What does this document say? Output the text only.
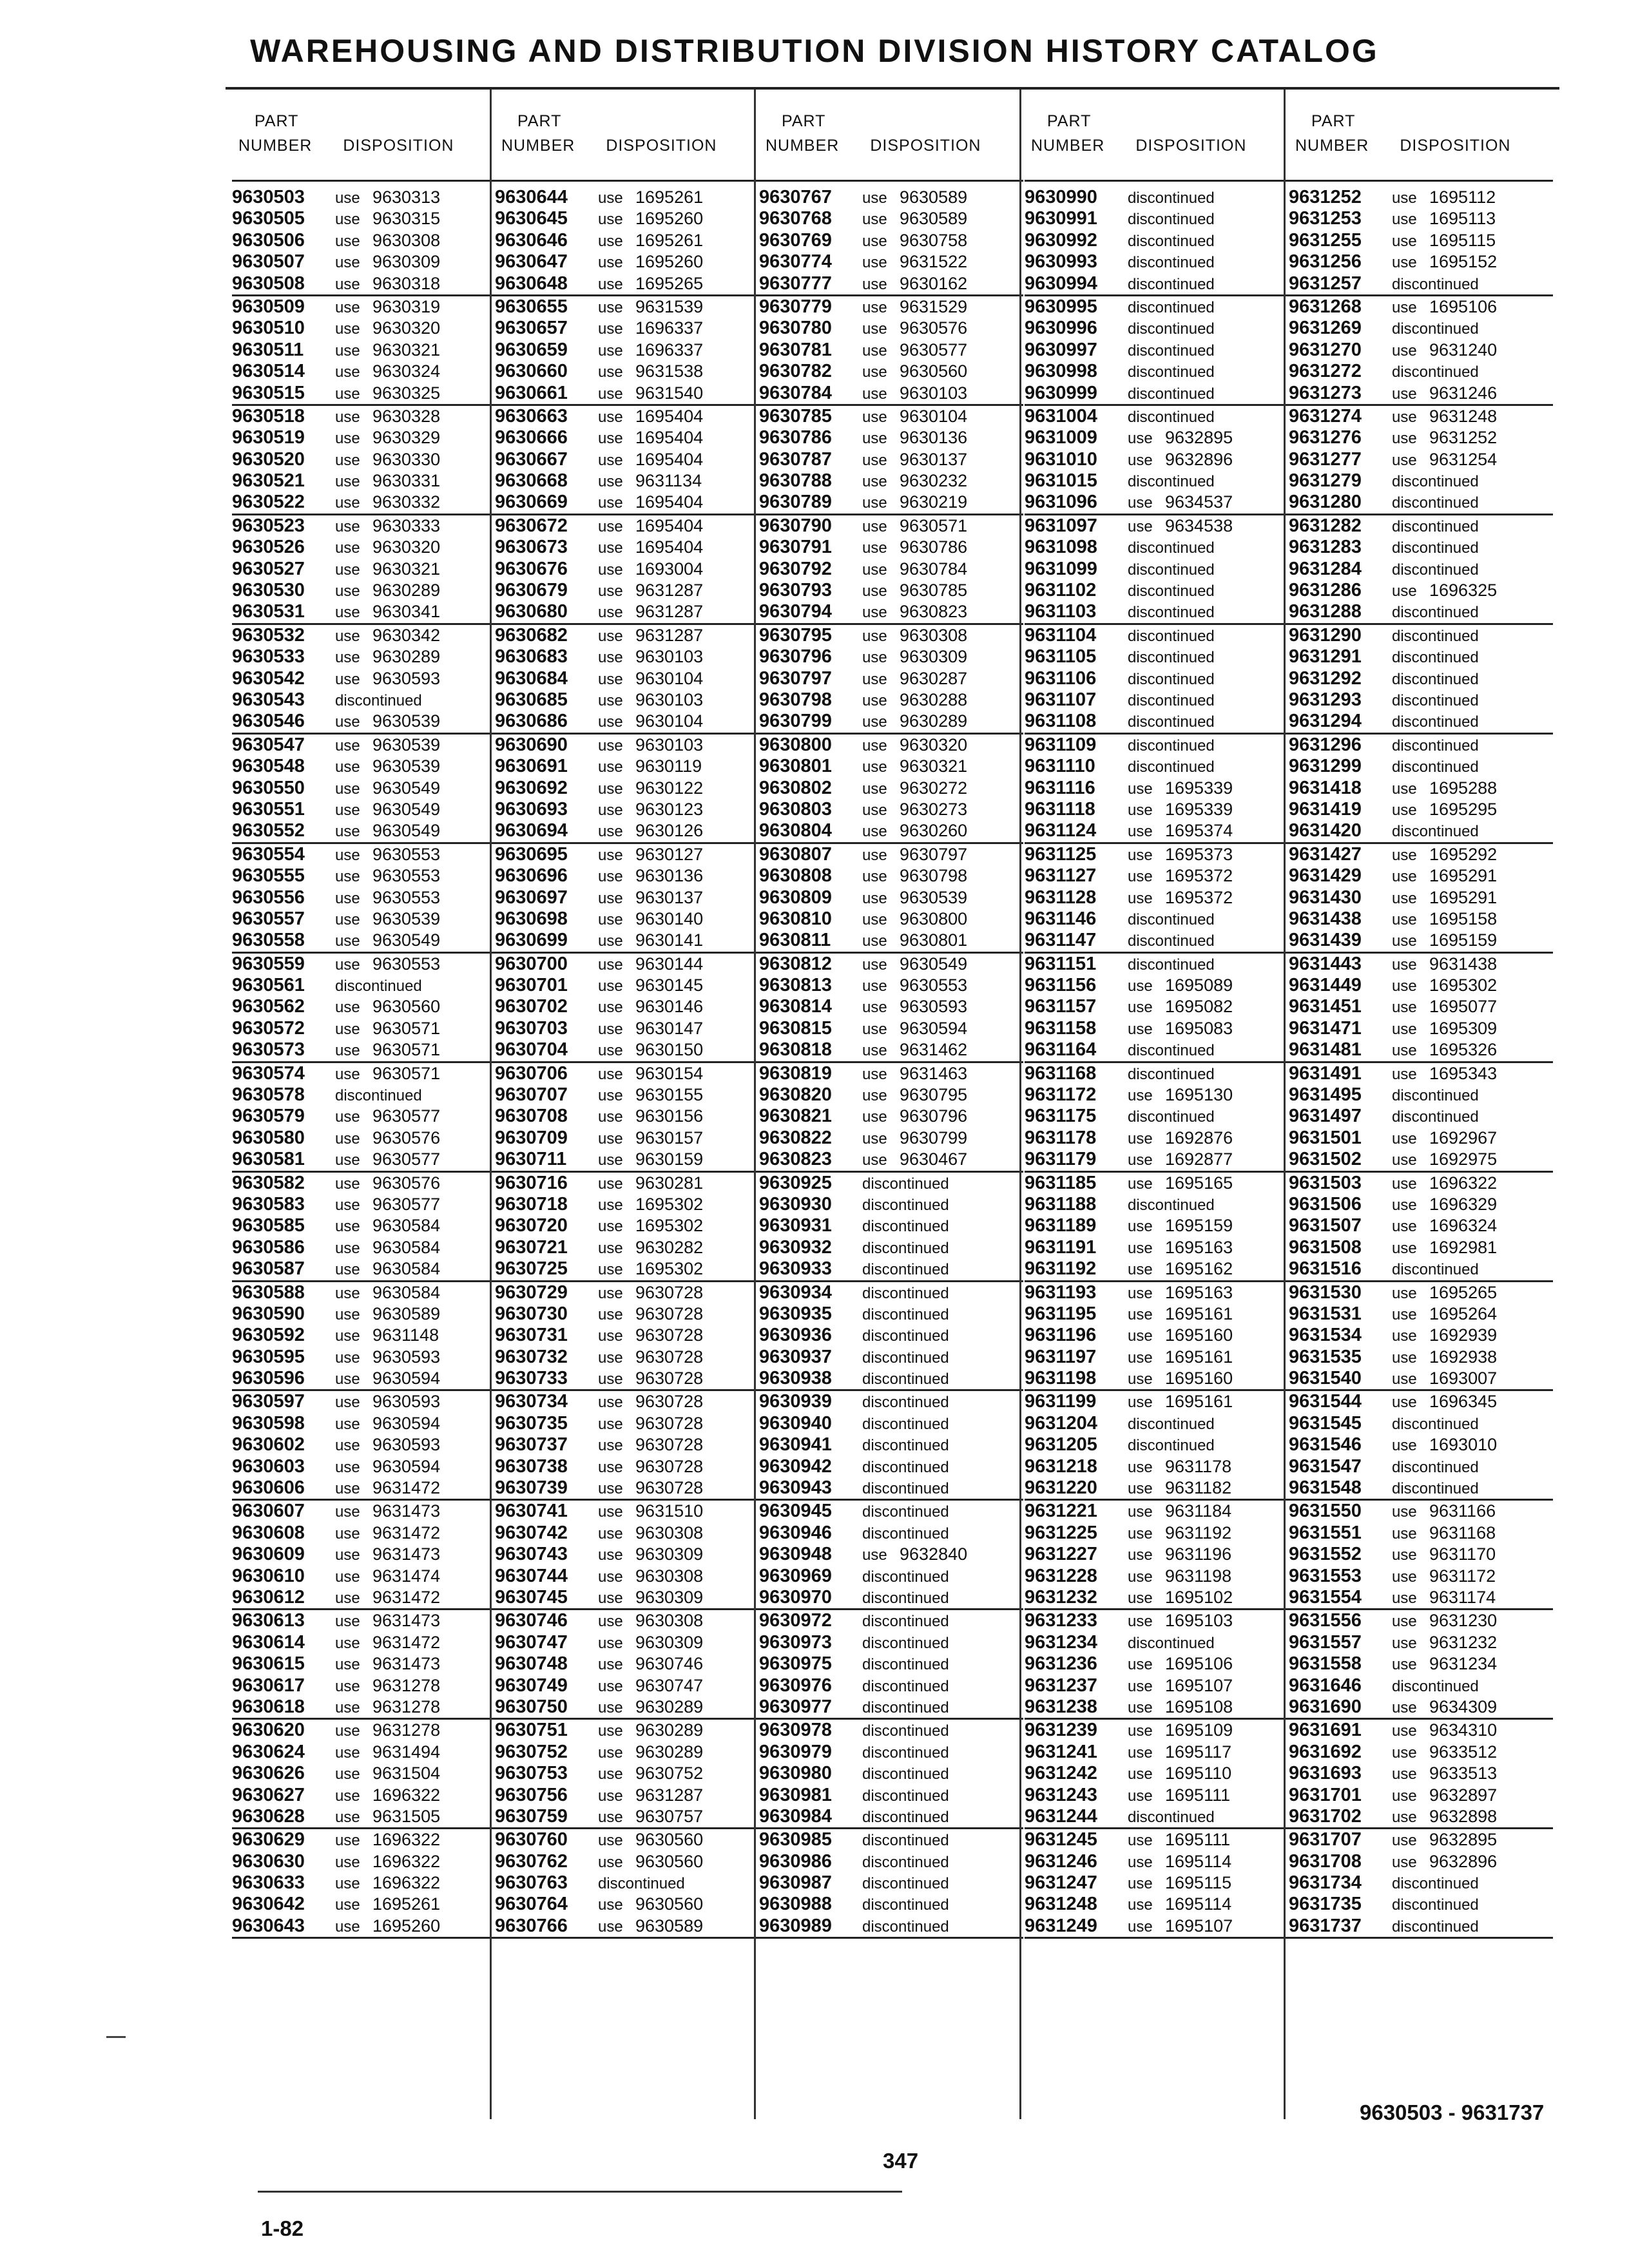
WAREHOUSING AND DISTRIBUTION DIVISION HISTORY CATALOG
PART
NUMBER DISPOSITION
9630503 use 9630313
9630505 use 9630315
9630506 use 9630308
9630507 use 9630309
9630508 use 9630318
9630509 use 9630319
9630510 use 9630320
9630511 use 9630321
9630514 use 9630324
9630515 use 9630325
9630518 use 9630328
9630519 use 9630329
9630520 use 9630330
9630521 use 9630331
9630522 use 9630332
9630523 use 9630333
9630526 use 9630320
9630527 use 9630321
9630530 use 9630289
9630531 use 9630341
9630532 use 9630342
9630533 use 9630289
9630542 use 9630593
9630543 discontinued
9630546 use 9630539
9630547 use 9630539
9630548 use 9630539
9630550 use 9630549
9630551 use 9630549
9630552 use 9630549
9630554 use 9630553
9630555 use 9630553
9630556 use 9630553
9630557 use 9630539
9630558 use 9630549
9630559 use 9630553
9630561 discontinued
9630562 use 9630560
9630572 use 9630571
9630573 use 9630571
9630574 use 9630571
9630578 discontinued
9630579 use 9630577
9630580 use 9630576
9630581 use 9630577
9630582 use 9630576
9630583 use 9630577
9630585 use 9630584
9630586 use 9630584
9630587 use 9630584
9630588 use 9630584
9630590 use 9630589
9630592 use 9631148
9630595 use 9630593
9630596 use 9630594
9630597 use 9630593
9630598 use 9630594
9630602 use 9630593
9630603 use 9630594
9630606 use 9631472
9630607 use 9631473
9630608 use 9631472
9630609 use 9631473
9630610 use 9631474
9630612 use 9631472
9630613 use 9631473
9630614 use 9631472
9630615 use 9631473
9630617 use 9631278
9630618 use 9631278
9630620 use 9631278
9630624 use 9631494
9630626 use 9631504
9630627 use 1696322
9630628 use 9631505
9630629 use 1696322
9630630 use 1696322
9630633 use 1696322
9630642 use 1695261
9630643 use 1695260
PART
NUMBER DISPOSITION
9630644 use 1695261
9630645 use 1695260
9630646 use 1695261
9630647 use 1695260
9630648 use 1695265
9630655 use 9631539
9630657 use 1696337
9630659 use 1696337
9630660 use 9631538
9630661 use 9631540
9630663 use 1695404
9630666 use 1695404
9630667 use 1695404
9630668 use 9631134
9630669 use 1695404
9630672 use 1695404
9630673 use 1695404
9630676 use 1693004
9630679 use 9631287
9630680 use 9631287
9630682 use 9631287
9630683 use 9630103
9630684 use 9630104
9630685 use 9630103
9630686 use 9630104
9630690 use 9630103
9630691 use 9630119
9630692 use 9630122
9630693 use 9630123
9630694 use 9630126
9630695 use 9630127
9630696 use 9630136
9630697 use 9630137
9630698 use 9630140
9630699 use 9630141
9630700 use 9630144
9630701 use 9630145
9630702 use 9630146
9630703 use 9630147
9630704 use 9630150
9630706 use 9630154
9630707 use 9630155
9630708 use 9630156
9630709 use 9630157
9630711 use 9630159
9630716 use 9630281
9630718 use 1695302
9630720 use 1695302
9630721 use 9630282
9630725 use 1695302
9630729 use 9630728
9630730 use 9630728
9630731 use 9630728
9630732 use 9630728
9630733 use 9630728
9630734 use 9630728
9630735 use 9630728
9630737 use 9630728
9630738 use 9630728
9630739 use 9630728
9630741 use 9631510
9630742 use 9630308
9630743 use 9630309
9630744 use 9630308
9630745 use 9630309
9630746 use 9630308
9630747 use 9630309
9630748 use 9630746
9630749 use 9630747
9630750 use 9630289
9630751 use 9630289
9630752 use 9630289
9630753 use 9630752
9630756 use 9631287
9630759 use 9630757
9630760 use 9630560
9630762 use 9630560
9630763 discontinued
9630764 use 9630560
9630766 use 9630589
PART
NUMBER DISPOSITION
9630767 use 9630589
9630768 use 9630589
9630769 use 9630758
9630774 use 9631522
9630777 use 9630162
9630779 use 9631529
9630780 use 9630576
9630781 use 9630577
9630782 use 9630560
9630784 use 9630103
9630785 use 9630104
9630786 use 9630136
9630787 use 9630137
9630788 use 9630232
9630789 use 9630219
9630790 use 9630571
9630791 use 9630786
9630792 use 9630784
9630793 use 9630785
9630794 use 9630823
9630795 use 9630308
9630796 use 9630309
9630797 use 9630287
9630798 use 9630288
9630799 use 9630289
9630800 use 9630320
9630801 use 9630321
9630802 use 9630272
9630803 use 9630273
9630804 use 9630260
9630807 use 9630797
9630808 use 9630798
9630809 use 9630539
9630810 use 9630800
9630811 use 9630801
9630812 use 9630549
9630813 use 9630553
9630814 use 9630593
9630815 use 9630594
9630818 use 9631462
9630819 use 9631463
9630820 use 9630795
9630821 use 9630796
9630822 use 9630799
9630823 use 9630467
9630925 discontinued
9630930 discontinued
9630931 discontinued
9630932 discontinued
9630933 discontinued
9630934 discontinued
9630935 discontinued
9630936 discontinued
9630937 discontinued
9630938 discontinued
9630939 discontinued
9630940 discontinued
9630941 discontinued
9630942 discontinued
9630943 discontinued
9630945 discontinued
9630946 discontinued
9630948 use 9632840
9630969 discontinued
9630970 discontinued
9630972 discontinued
9630973 discontinued
9630975 discontinued
9630976 discontinued
9630977 discontinued
9630978 discontinued
9630979 discontinued
9630980 discontinued
9630981 discontinued
9630984 discontinued
9630985 discontinued
9630986 discontinued
9630987 discontinued
9630988 discontinued
9630989 discontinued
PART
NUMBER DISPOSITION
9630990 discontinued
9630991 discontinued
9630992 discontinued
9630993 discontinued
9630994 discontinued
9630995 discontinued
9630996 discontinued
9630997 discontinued
9630998 discontinued
9630999 discontinued
9631004 discontinued
9631009 use 9632895
9631010 use 9632896
9631015 discontinued
9631096 use 9634537
9631097 use 9634538
9631098 discontinued
9631099 discontinued
9631102 discontinued
9631103 discontinued
9631104 discontinued
9631105 discontinued
9631106 discontinued
9631107 discontinued
9631108 discontinued
9631109 discontinued
9631110 discontinued
9631116 use 1695339
9631118 use 1695339
9631124 use 1695374
9631125 use 1695373
9631127 use 1695372
9631128 use 1695372
9631146 discontinued
9631147 discontinued
9631151 discontinued
9631156 use 1695089
9631157 use 1695082
9631158 use 1695083
9631164 discontinued
9631168 discontinued
9631172 use 1695130
9631175 discontinued
9631178 use 1692876
9631179 use 1692877
9631185 use 1695165
9631188 discontinued
9631189 use 1695159
9631191 use 1695163
9631192 use 1695162
9631193 use 1695163
9631195 use 1695161
9631196 use 1695160
9631197 use 1695161
9631198 use 1695160
9631199 use 1695161
9631204 discontinued
9631205 discontinued
9631218 use 9631178
9631220 use 9631182
9631221 use 9631184
9631225 use 9631192
9631227 use 9631196
9631228 use 9631198
9631232 use 1695102
9631233 use 1695103
9631234 discontinued
9631236 use 1695106
9631237 use 1695107
9631238 use 1695108
9631239 use 1695109
9631241 use 1695117
9631242 use 1695110
9631243 use 1695111
9631244 discontinued
9631245 use 1695111
9631246 use 1695114
9631247 use 1695115
9631248 use 1695114
9631249 use 1695107
PART
NUMBER DISPOSITION
9631252 use 1695112
9631253 use 1695113
9631255 use 1695115
9631256 use 1695152
9631257 discontinued
9631268 use 1695106
9631269 discontinued
9631270 use 9631240
9631272 discontinued
9631273 use 9631246
9631274 use 9631248
9631276 use 9631252
9631277 use 9631254
9631279 discontinued
9631280 discontinued
9631282 discontinued
9631283 discontinued
9631284 discontinued
9631286 use 1696325
9631288 discontinued
9631290 discontinued
9631291 discontinued
9631292 discontinued
9631293 discontinued
9631294 discontinued
9631296 discontinued
9631299 discontinued
9631418 use 1695288
9631419 use 1695295
9631420 discontinued
9631427 use 1695292
9631429 use 1695291
9631430 use 1695291
9631438 use 1695158
9631439 use 1695159
9631443 use 9631438
9631449 use 1695302
9631451 use 1695077
9631471 use 1695309
9631481 use 1695326
9631491 use 1695343
9631495 discontinued
9631497 discontinued
9631501 use 1692967
9631502 use 1692975
9631503 use 1696322
9631506 use 1696329
9631507 use 1696324
9631508 use 1692981
9631516 discontinued
9631530 use 1695265
9631531 use 1695264
9631534 use 1692939
9631535 use 1692938
9631540 use 1693007
9631544 use 1696345
9631545 discontinued
9631546 use 1693010
9631547 discontinued
9631548 discontinued
9631550 use 9631166
9631551 use 9631168
9631552 use 9631170
9631553 use 9631172
9631554 use 9631174
9631556 use 9631230
9631557 use 9631232
9631558 use 9631234
9631646 discontinued
9631690 use 9634309
9631691 use 9634310
9631692 use 9633512
9631693 use 9633513
9631701 use 9632897
9631702 use 9632898
9631707 use 9632895
9631708 use 9632896
9631734 discontinued
9631735 discontinued
9631737 discontinued
9630503 - 9631737
347
1-82
